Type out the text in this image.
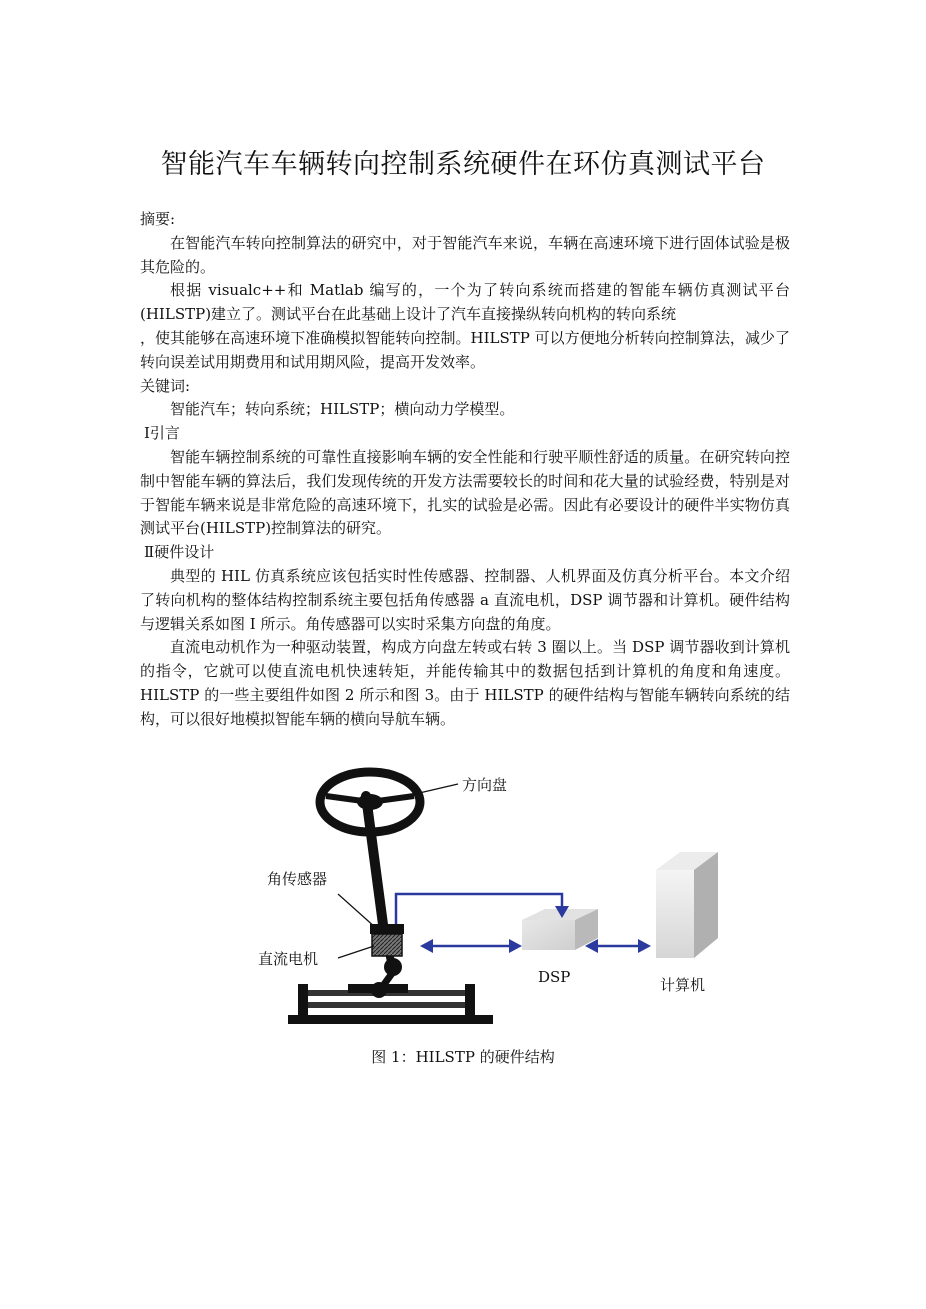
智能汽车车辆转向控制系统硬件在环仿真测试平台

摘要:

在智能汽车转向控制算法的研究中，对于智能汽车来说，车辆在高速环境下进行固体试验是极其危险的。

根据 visualc++和 Matlab 编写的，一个为了转向系统而搭建的智能车辆仿真测试平台(HILSTP)建立了。测试平台在此基础上设计了汽车直接操纵转向机构的转向系统

，使其能够在高速环境下准确模拟智能转向控制。HILSTP 可以方便地分析转向控制算法，减少了转向误差试用期费用和试用期风险，提高开发效率。

关键词:

智能汽车；转向系统；HILSTP；横向动力学模型。

Ⅰ引言

智能车辆控制系统的可靠性直接影响车辆的安全性能和行驶平顺性舒适的质量。在研究转向控制中智能车辆的算法后，我们发现传统的开发方法需要较长的时间和花大量的试验经费，特别是对于智能车辆来说是非常危险的高速环境下，扎实的试验是必需。因此有必要设计的硬件半实物仿真测试平台(HILSTP)控制算法的研究。

Ⅱ硬件设计

典型的 HIL 仿真系统应该包括实时性传感器、控制器、人机界面及仿真分析平台。本文介绍了转向机构的整体结构控制系统主要包括角传感器 a 直流电机，DSP 调节器和计算机。硬件结构与逻辑关系如图 I 所示。角传感器可以实时采集方向盘的角度。

直流电动机作为一种驱动装置，构成方向盘左转或右转 3 圈以上。当 DSP 调节器收到计算机的指令，它就可以使直流电机快速转矩，并能传输其中的数据包括到计算机的角度和角速度。HILSTP 的一些主要组件如图 2 所示和图 3。由于 HILSTP 的硬件结构与智能车辆转向系统的结构，可以很好地模拟智能车辆的横向导航车辆。

方向盘
角传感器
直流电机
DSP	计算机
图 1：HILSTP 的硬件结构
